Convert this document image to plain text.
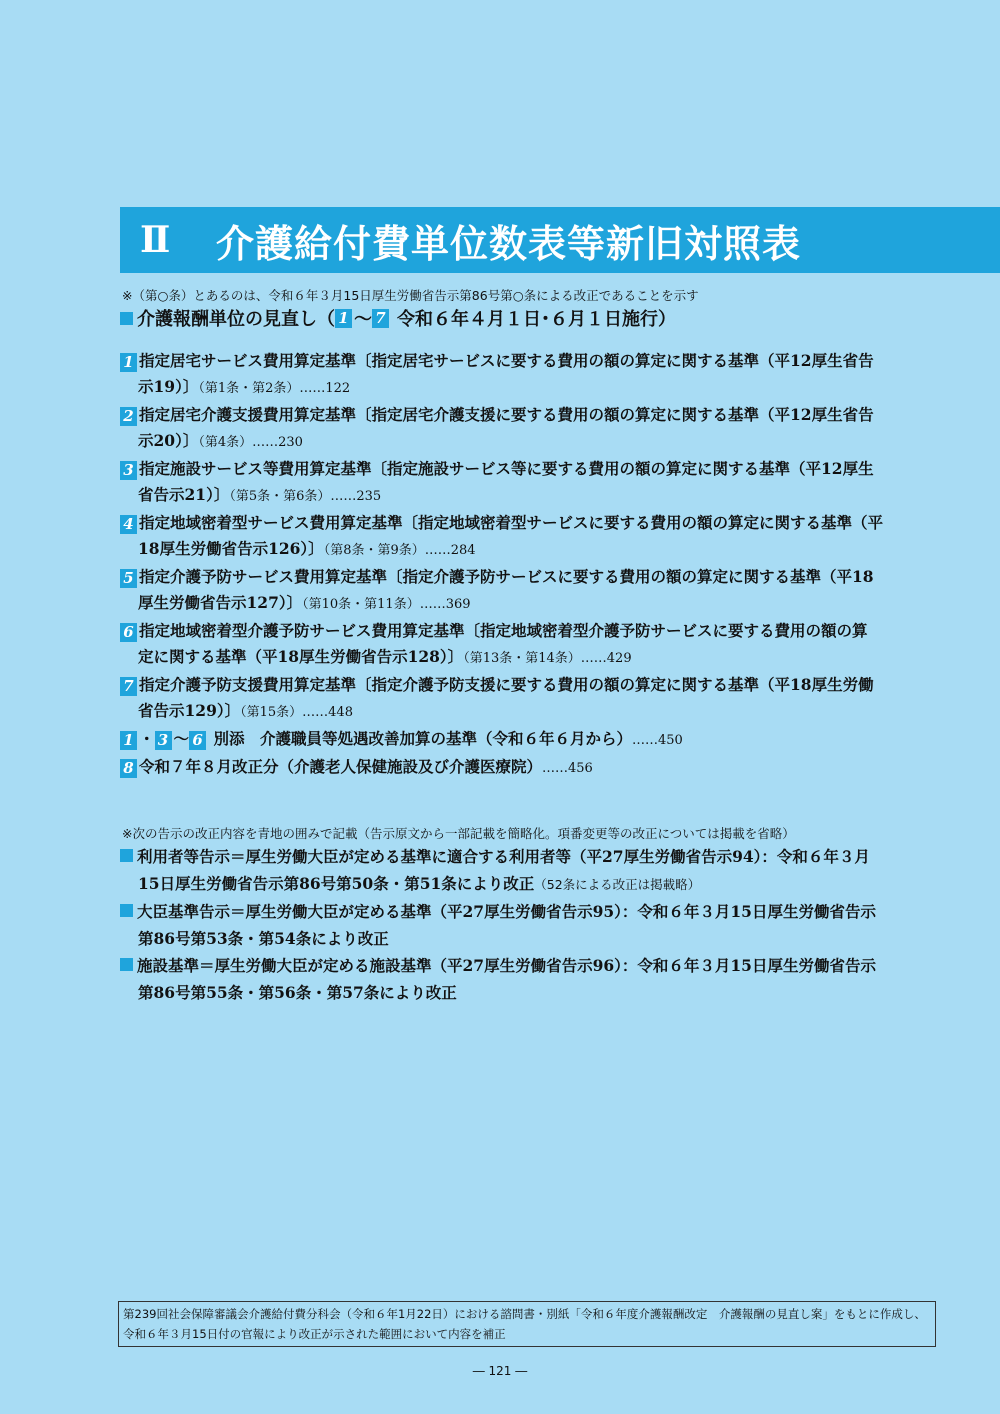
Ⅱ	介護給付費単位数表等新旧対照表
※（第○条）とあるのは、令和６年３月15日厚生労働省告示第86号第○条による改正であることを示す
介護報酬単位の見直し（ 1 〜 7 令和６年４月１日･６月１日施行）
1 指定居宅サービス費用算定基準〔指定居宅サービスに要する費用の額の算定に関する基準（平12厚生省告
示19）〕（第1条・第2条）……122
2 指定居宅介護支援費用算定基準〔指定居宅介護支援に要する費用の額の算定に関する基準（平12厚生省告
示20）〕（第4条）……230
3 指定施設サービス等費用算定基準〔指定施設サービス等に要する費用の額の算定に関する基準（平12厚生
省告示21）〕（第5条・第6条）……235
4 指定地域密着型サービス費用算定基準〔指定地域密着型サービスに要する費用の額の算定に関する基準（平
18厚生労働省告示126）〕（第8条・第9条）……284
5 指定介護予防サービス費用算定基準〔指定介護予防サービスに要する費用の額の算定に関する基準（平18
厚生労働省告示127）〕（第10条・第11条）……369
6 指定地域密着型介護予防サービス費用算定基準〔指定地域密着型介護予防サービスに要する費用の額の算
定に関する基準（平18厚生労働省告示128）〕（第13条・第14条）……429
7 指定介護予防支援費用算定基準〔指定介護予防支援に要する費用の額の算定に関する基準（平18厚生労働
省告示129）〕（第15条）……448
1 ・ 3 〜 6 別添　介護職員等処遇改善加算の基準（令和６年６月から）……450
8 令和７年８月改正分（介護老人保健施設及び介護医療院）……456
※次の告示の改正内容を青地の囲みで記載（告示原文から一部記載を簡略化。項番変更等の改正については掲載を省略）
利用者等告示＝厚生労働大臣が定める基準に適合する利用者等（平27厚生労働省告示94）：令和６年３月
15日厚生労働省告示第86号第50条・第51条により改正（52条による改正は掲載略）
大臣基準告示＝厚生労働大臣が定める基準（平27厚生労働省告示95）：令和６年３月15日厚生労働省告示
第86号第53条・第54条により改正
施設基準＝厚生労働大臣が定める施設基準（平27厚生労働省告示96）：令和６年３月15日厚生労働省告示
第86号第55条・第56条・第57条により改正
第239回社会保障審議会介護給付費分科会（令和６年1月22日）における諮問書・別紙「令和６年度介護報酬改定　介護報酬の見直し案」をもとに作成し、
令和６年３月15日付の官報により改正が示された範囲において内容を補正
― 121 ―
